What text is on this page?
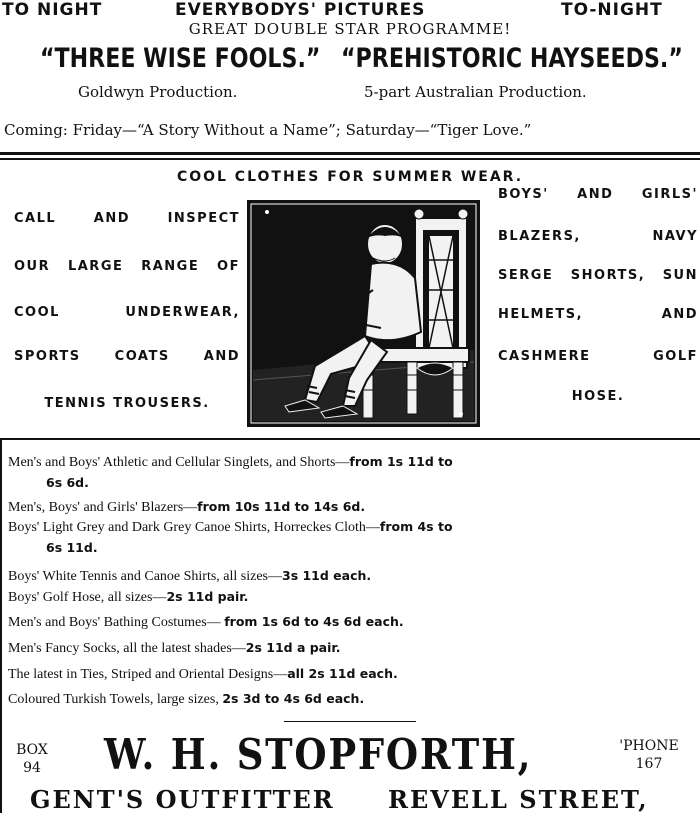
TO NIGHT	EVERYBODYS' PICTURES	TO-NIGHT
GREAT DOUBLE STAR PROGRAMME!
“THREE WISE FOOLS.” “PREHISTORIC HAYSEEDS.”
Goldwyn Production.	5-part Australian Production.
Coming: Friday—“A Story Without a Name”; Saturday—“Tiger Love.”
COOL CLOTHES FOR SUMMER WEAR.
CALL AND INSPECT
OUR LARGE RANGE OF
COOL UNDERWEAR,
SPORTS COATS AND
TENNIS TROUSERS.
BOYS' AND GIRLS'
BLAZERS, NAVY
SERGE SHORTS, SUN
HELMETS, AND
CASHMERE GOLF
HOSE.
Men's and Boys' Athletic and Cellular Singlets, and Shorts—from 1s 11d to
6s 6d.
Men's, Boys' and Girls' Blazers—from 10s 11d to 14s 6d.
Boys' Light Grey and Dark Grey Canoe Shirts, Horreckes Cloth—from 4s to
6s 11d.
Boys' White Tennis and Canoe Shirts, all sizes—3s 11d each.
Boys' Golf Hose, all sizes—2s 11d pair.
Men's and Boys' Bathing Costumes— from 1s 6d to 4s 6d each.
Men's Fancy Socks, all the latest shades—2s 11d a pair.
The latest in Ties, Striped and Oriental Designs—all 2s 11d each.
Coloured Turkish Towels, large sizes, 2s 3d to 4s 6d each.
BOX
94 W. H. STOPFORTH,	'PHONE
167
GENT'S OUTFITTER REVELL STREET,
